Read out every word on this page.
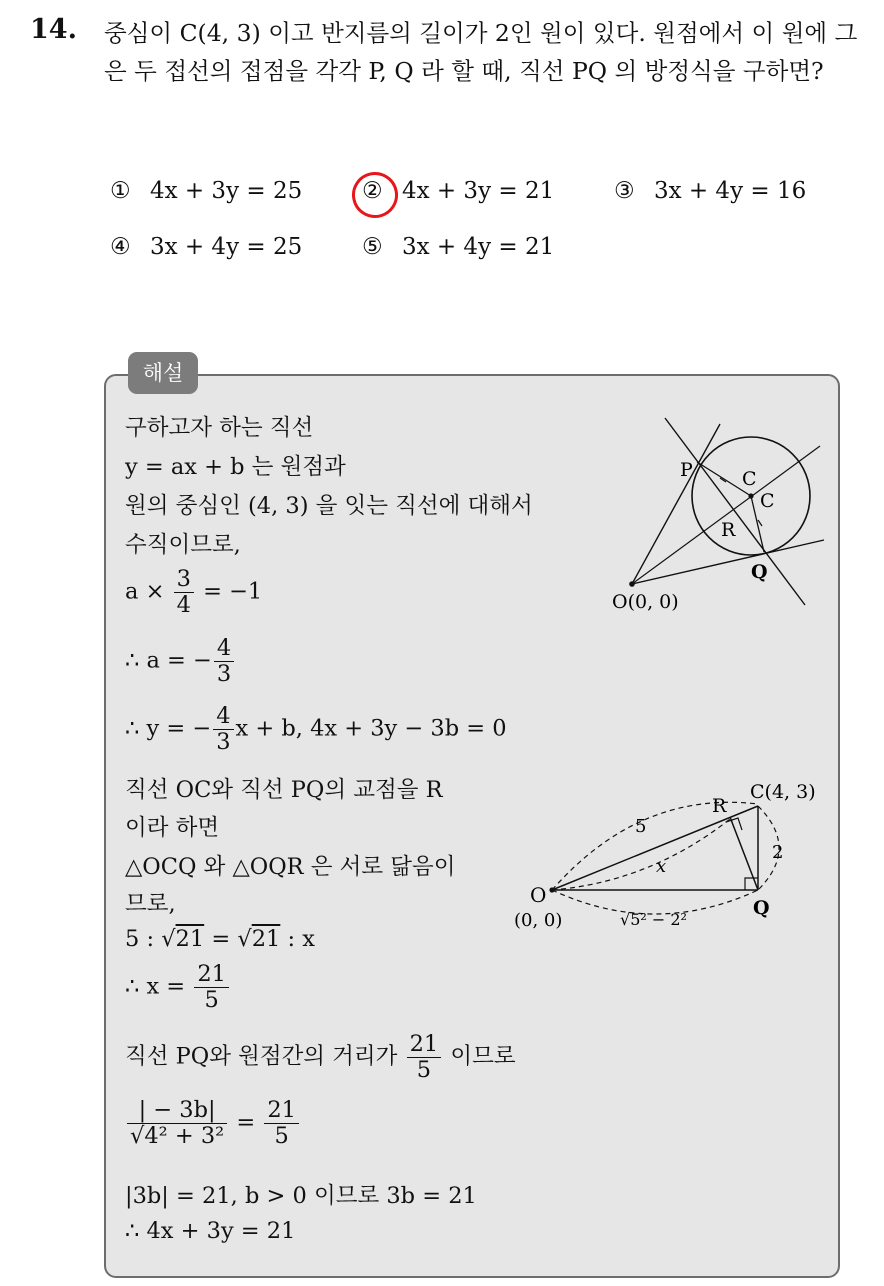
14. 중심이 C(4, 3) 이고 반지름의 길이가 2인 원이 있다. 원점에서 이 원에 그은 두 접선의 접점을 각각 P, Q 라 할 때, 직선 PQ 의 방정식을 구하면?
① 4x + 3y = 25	② 4x + 3y = 21	③ 3x + 4y = 16
④ 3x + 4y = 25	⑤ 3x + 4y = 21
해설
구하고자 하는 직선
y = ax + b 는 원점과
원의 중심인 (4, 3) 을 잇는 직선에 대해서
수직이므로,
$a \times \frac{3}{4} = -1$
∴ a = − $\frac{4}{3}$
∴ y = − $\frac{4}{3}$ x + b, 4x + 3y − 3b = 0
직선 OC와 직선 PQ의 교점을 R
이라 하면
△OCQ 와 △OQR 은 서로 닮음이
므로,
5 : √21 = √21 : x
∴ $x = \frac{21}{5}$
직선 PQ와 원점간의 거리가 $\frac{21}{5}$ 이므로
$\frac{| - 3b|}{\text{√4² + 3²}} = \frac{21}{5}$
|3b| = 21, b > 0 이므로 3b = 21
∴ 4x + 3y = 21
P	C
C
R
Q
O(0, 0)
C(4, 3)
R
5
2
x
O
(0, 0)
Q
√5² − 2²
